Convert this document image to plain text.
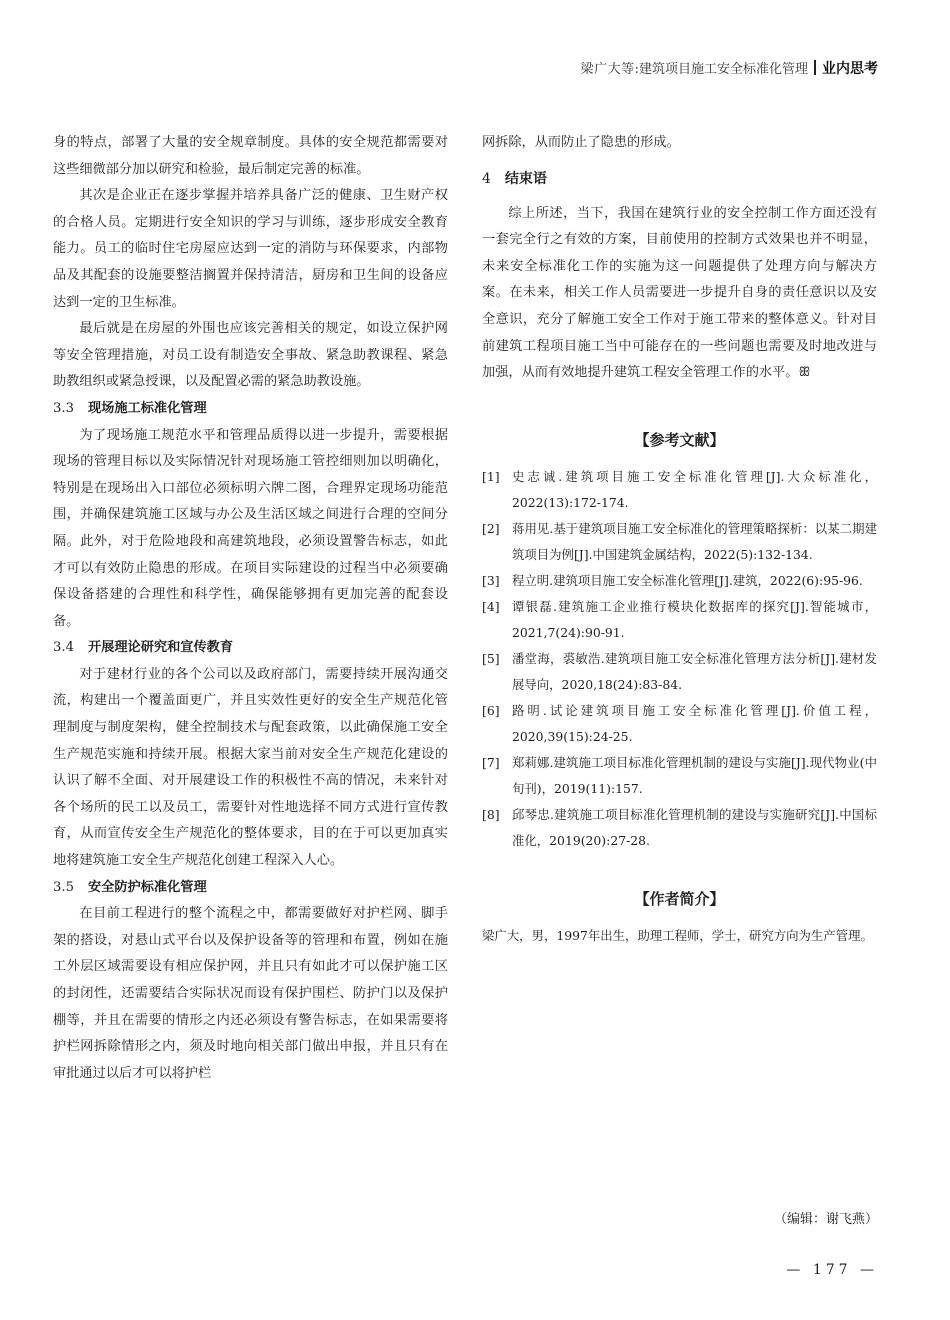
梁广大等:建筑项目施工安全标准化管理 业内思考

身的特点，部署了大量的安全规章制度。具体的安全规范都需要对这些细微部分加以研究和检验，最后制定完善的标准。

其次是企业正在逐步掌握并培养具备广泛的健康、卫生财产权的合格人员。定期进行安全知识的学习与训练，逐步形成安全教育能力。员工的临时住宅房屋应达到一定的消防与环保要求，内部物品及其配套的设施要整洁搁置并保持清洁，厨房和卫生间的设备应达到一定的卫生标准。

最后就是在房屋的外围也应该完善相关的规定，如设立保护网等安全管理措施，对员工设有制造安全事故、紧急助教课程、紧急助教组织或紧急授课，以及配置必需的紧急助教设施。

3.3 现场施工标准化管理

为了现场施工规范水平和管理品质得以进一步提升，需要根据现场的管理目标以及实际情况针对现场施工管控细则加以明确化，特别是在现场出入口部位必须标明六牌二图，合理界定现场功能范围，并确保建筑施工区域与办公及生活区域之间进行合理的空间分隔。此外，对于危险地段和高建筑地段，必须设置警告标志，如此才可以有效防止隐患的形成。在项目实际建设的过程当中必须要确保设备搭建的合理性和科学性，确保能够拥有更加完善的配套设备。

3.4 开展理论研究和宣传教育

对于建材行业的各个公司以及政府部门，需要持续开展沟通交流，构建出一个覆盖面更广，并且实效性更好的安全生产规范化管理制度与制度架构，健全控制技术与配套政策，以此确保施工安全生产规范实施和持续开展。根据大家当前对安全生产规范化建设的认识了解不全面、对开展建设工作的积极性不高的情况，未来针对各个场所的民工以及员工，需要针对性地选择不同方式进行宣传教育，从而宣传安全生产规范化的整体要求，目的在于可以更加真实地将建筑施工安全生产规范化创建工程深入人心。

3.5 安全防护标准化管理

在目前工程进行的整个流程之中，都需要做好对护栏网、脚手架的搭设，对悬山式平台以及保护设备等的管理和布置，例如在施工外层区域需要设有相应保护网，并且只有如此才可以保护施工区的封闭性，还需要结合实际状况而设有保护围栏、防护门以及保护棚等，并且在需要的情形之内还必须设有警告标志，在如果需要将护栏网拆除情形之内，须及时地向相关部门做出申报，并且只有在审批通过以后才可以将护栏

网拆除，从而防止了隐患的形成。

4 结束语

综上所述，当下，我国在建筑行业的安全控制工作方面还没有一套完全行之有效的方案，目前使用的控制方式效果也并不明显，未来安全标准化工作的实施为这一问题提供了处理方向与解决方案。在未来，相关工作人员需要进一步提升自身的责任意识以及安全意识，充分了解施工安全工作对于施工带来的整体意义。针对目前建筑工程项目施工当中可能存在的一些问题也需要及时地改进与加强，从而有效地提升建筑工程安全管理工作的水平。ꕥ

【参考文献】

[1]	史志诚.建筑项目施工安全标准化管理[J].大众标准化，2022(13):172-174.
[2]	蒋用见.基于建筑项目施工安全标准化的管理策略探析：以某二期建筑项目为例[J].中国建筑金属结构，2022(5):132-134.
[3]	程立明.建筑项目施工安全标准化管理[J].建筑，2022(6):95-96.
[4]	谭银磊.建筑施工企业推行模块化数据库的探究[J].智能城市，2021,7(24):90-91.
[5]	潘堂海，裘敏浩.建筑项目施工安全标准化管理方法分析[J].建材发展导向，2020,18(24):83-84.
[6]	路明.试论建筑项目施工安全标准化管理[J].价值工程，2020,39(15):24-25.
[7]	郑莉娜.建筑施工项目标准化管理机制的建设与实施[J].现代物业(中旬刊)，2019(11):157.
[8]	邱琴忠.建筑施工项目标准化管理机制的建设与实施研究[J].中国标准化，2019(20):27-28.

【作者简介】

梁广大，男，1997年出生，助理工程师，学士，研究方向为生产管理。

（编辑：谢飞燕）
— 177 —
